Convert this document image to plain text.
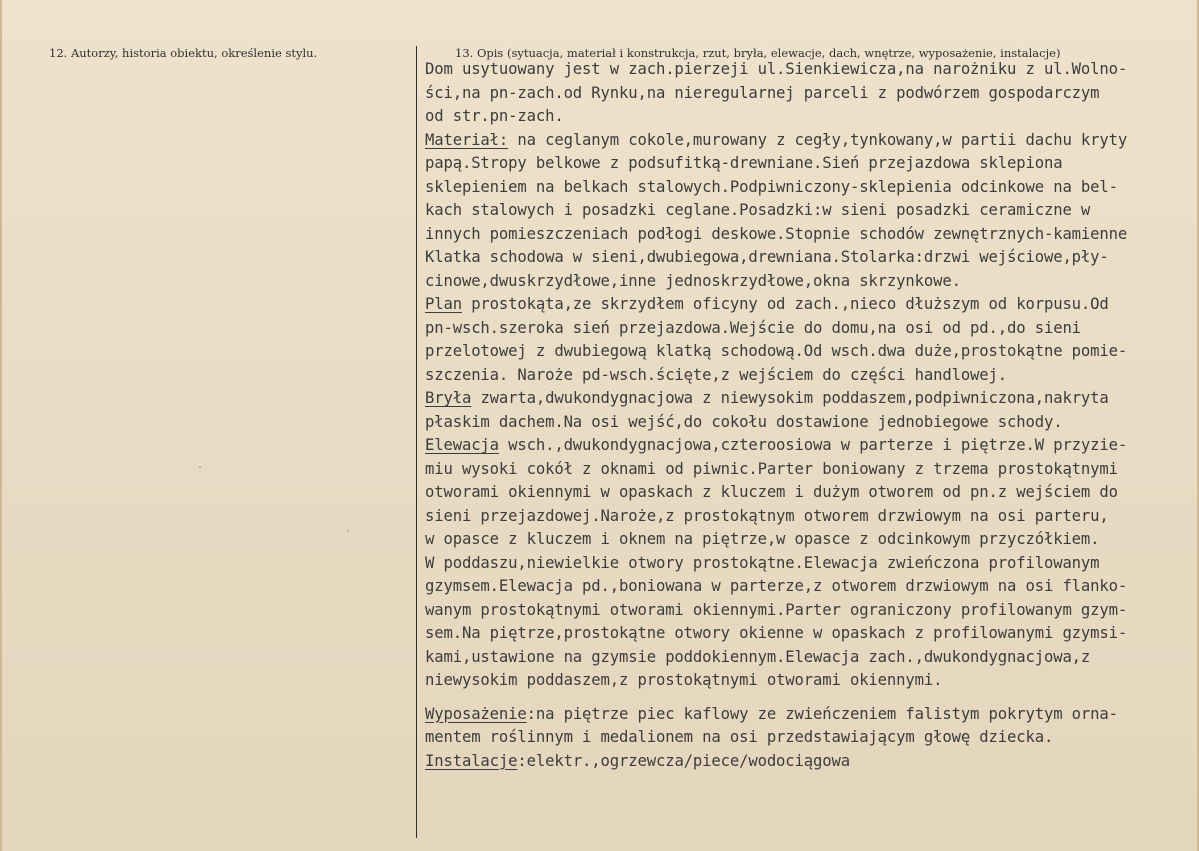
12. Autorzy, historia obiektu, określenie stylu.	13. Opis (sytuacja, materiał i konstrukcja, rzut, bryła, elewacje, dach, wnętrze, wyposażenie, instalacje)
Dom usytuowany jest w zach.pierzeji ul.Sienkiewicza,na narożniku z ul.Wolno-
ści,na pn-zach.od Rynku,na nieregularnej parceli z podwórzem gospodarczym
od str.pn-zach.
Materiał: na ceglanym cokole,murowany z cegły,tynkowany,w partii dachu kryty
papą.Stropy belkowe z podsufitką-drewniane.Sień przejazdowa sklepiona
sklepieniem na belkach stalowych.Podpiwniczony-sklepienia odcinkowe na bel-
kach stalowych i posadzki ceglane.Posadzki:w sieni posadzki ceramiczne w
innych pomieszczeniach podłogi deskowe.Stopnie schodów zewnętrznych-kamienne
Klatka schodowa w sieni,dwubiegowa,drewniana.Stolarka:drzwi wejściowe,pły-
cinowe,dwuskrzydłowe,inne jednoskrzydłowe,okna skrzynkowe.
Plan prostokąta,ze skrzydłem oficyny od zach.,nieco dłuższym od korpusu.Od
pn-wsch.szeroka sień przejazdowa.Wejście do domu,na osi od pd.,do sieni
przelotowej z dwubiegową klatką schodową.Od wsch.dwa duże,prostokątne pomie-
szczenia. Naroże pd-wsch.ścięte,z wejściem do części handlowej.
Bryła zwarta,dwukondygnacjowa z niewysokim poddaszem,podpiwniczona,nakryta
płaskim dachem.Na osi wejść,do cokołu dostawione jednobiegowe schody.
Elewacja wsch.,dwukondygnacjowa,czteroosiowa w parterze i piętrze.W przyzie-
miu wysoki cokół z oknami od piwnic.Parter boniowany z trzema prostokątnymi
otworami okiennymi w opaskach z kluczem i dużym otworem od pn.z wejściem do
sieni przejazdowej.Naroże,z prostokątnym otworem drzwiowym na osi parteru,
w opasce z kluczem i oknem na piętrze,w opasce z odcinkowym przyczółkiem.
W poddaszu,niewielkie otwory prostokątne.Elewacja zwieńczona profilowanym
gzymsem.Elewacja pd.,boniowana w parterze,z otworem drzwiowym na osi flanko-
wanym prostokątnymi otworami okiennymi.Parter ograniczony profilowanym gzym-
sem.Na piętrze,prostokątne otwory okienne w opaskach z profilowanymi gzymsi-
kami,ustawione na gzymsie poddokiennym.Elewacja zach.,dwukondygnacjowa,z
niewysokim poddaszem,z prostokątnymi otworami okiennymi.
Wyposażenie:na piętrze piec kaflowy ze zwieńczeniem falistym pokrytym orna-
mentem roślinnym i medalionem na osi przedstawiającym głowę dziecka.
Instalacje:elektr.,ogrzewcza/piece/wodociągowa
